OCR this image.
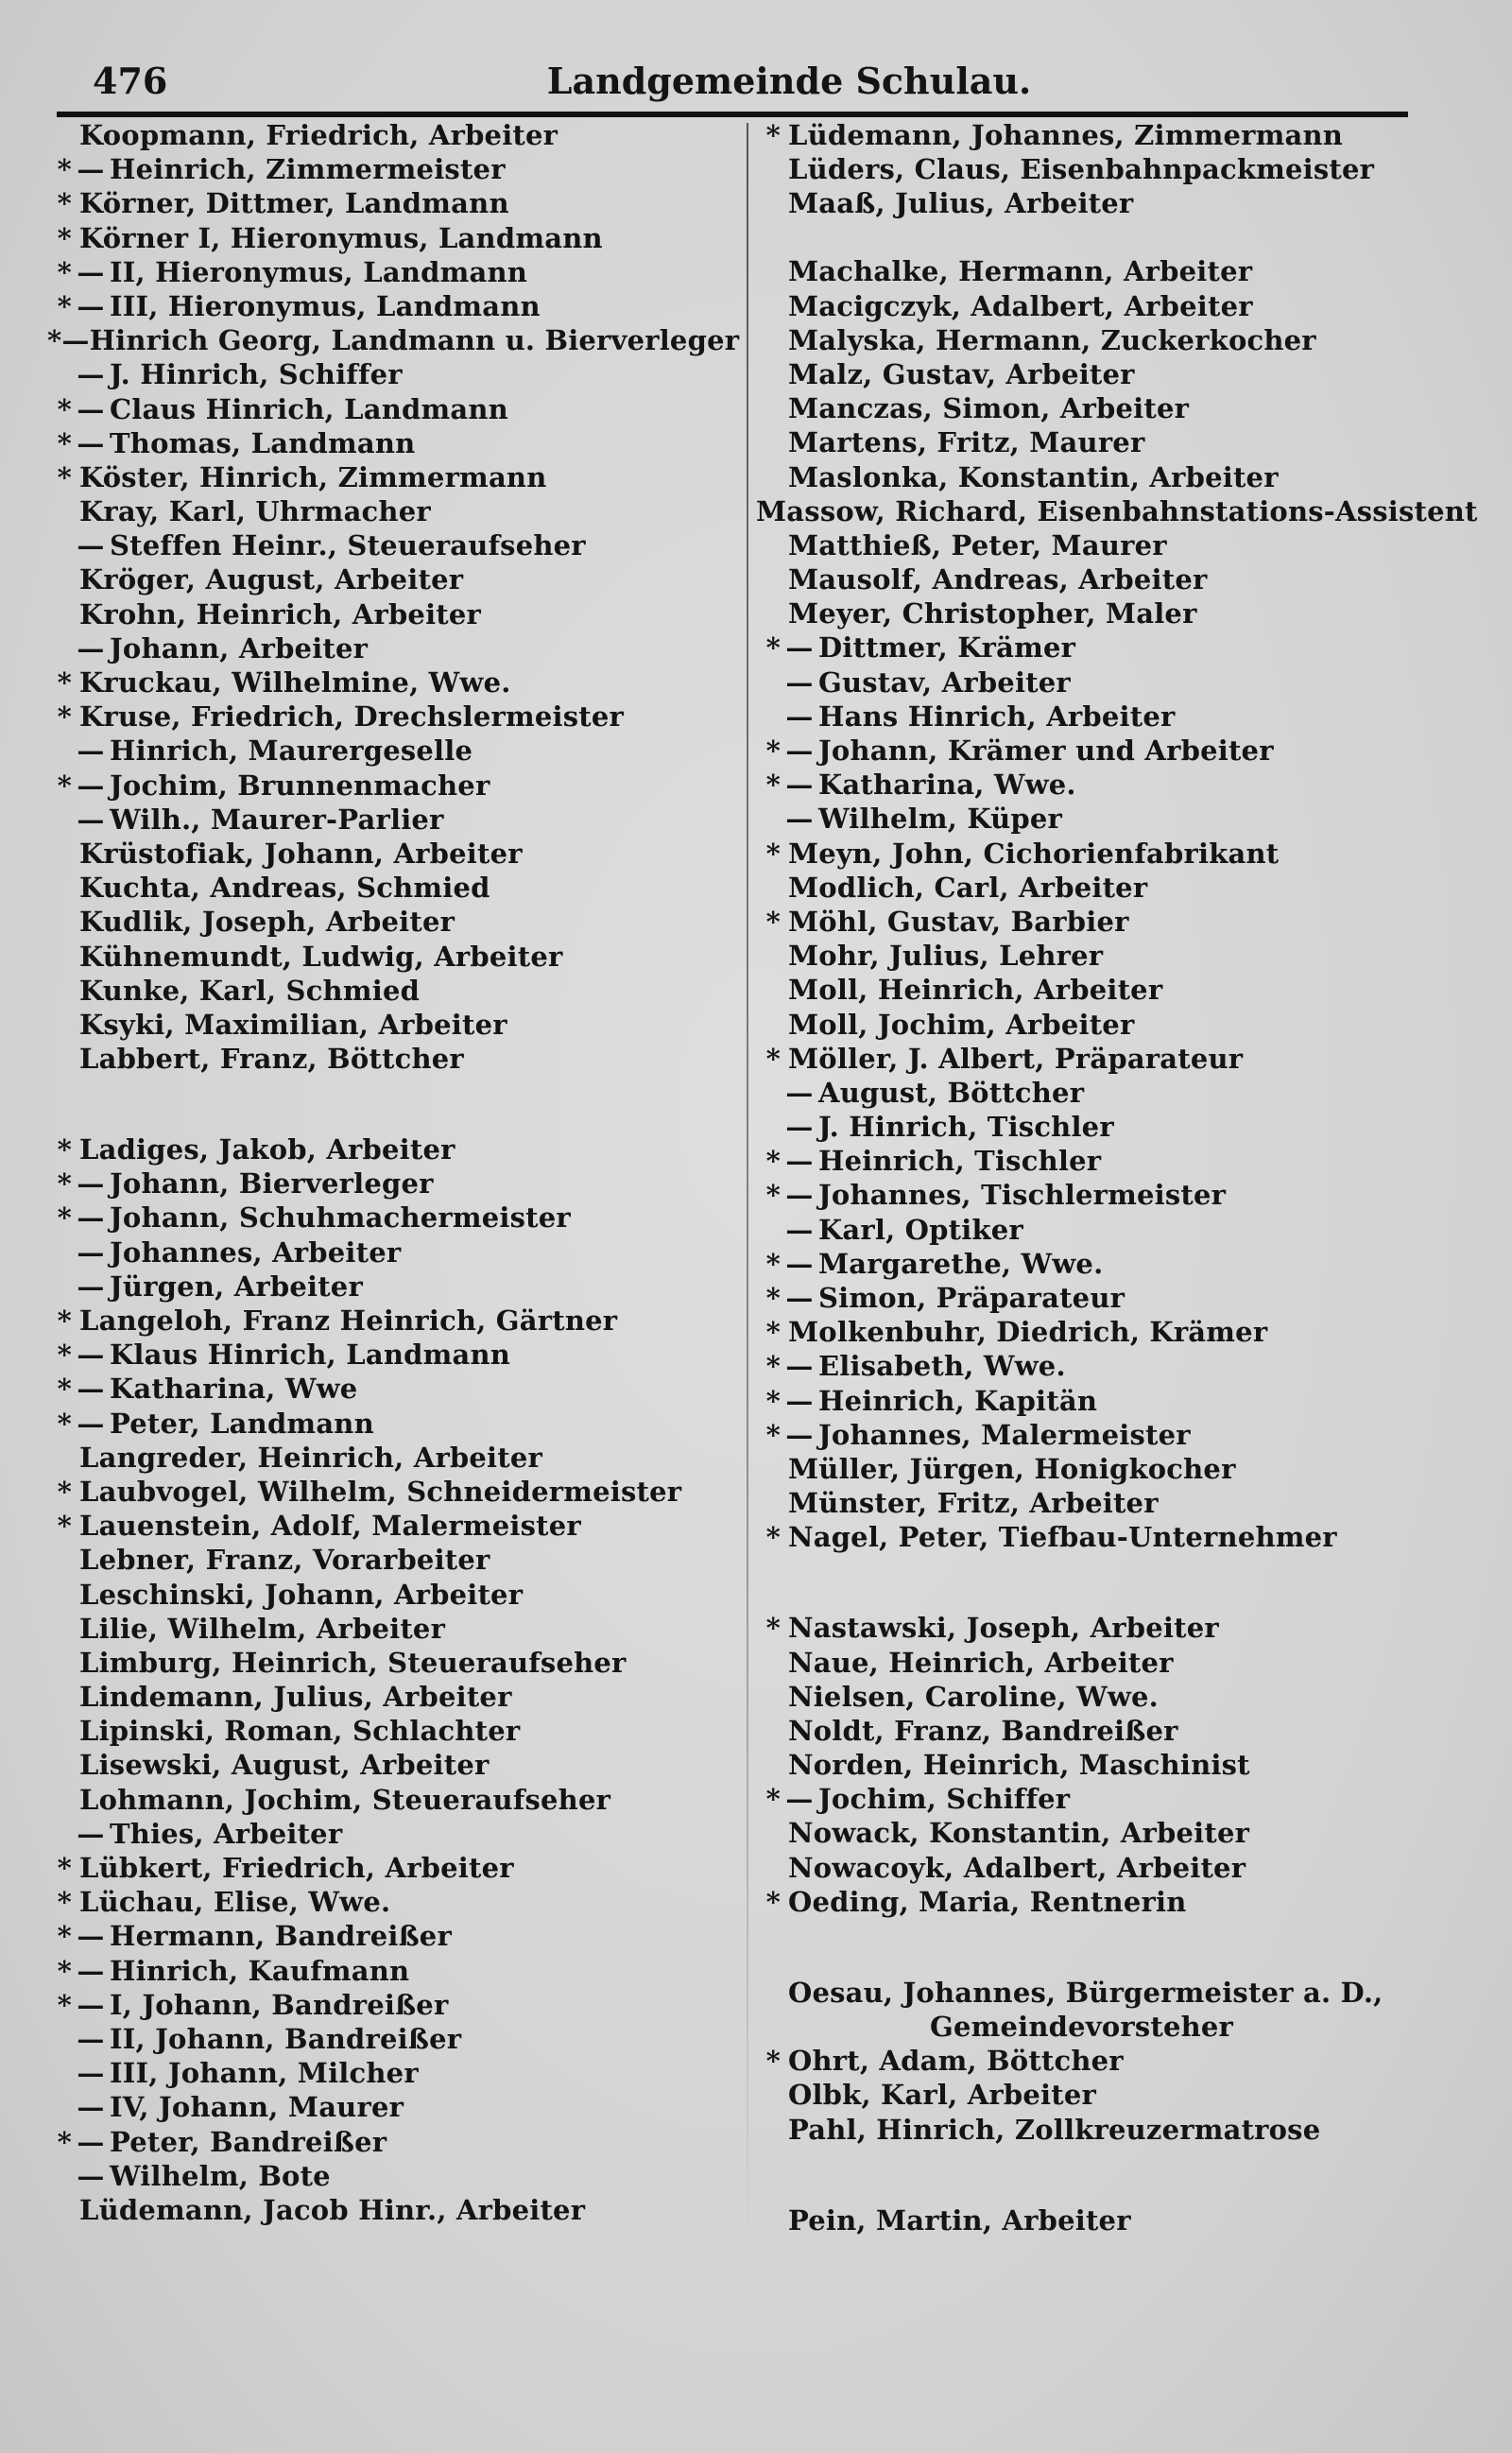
476	Landgemeinde Schulau.
Koopmann, Friedrich, Arbeiter
* — Heinrich, Zimmermeister
* Körner, Dittmer, Landmann
* Körner I, Hieronymus, Landmann
* — II, Hieronymus, Landmann
* — III, Hieronymus, Landmann
* — Hinrich Georg, Landmann u. Bierverleger
— J. Hinrich, Schiffer
* — Claus Hinrich, Landmann
* — Thomas, Landmann
* Köster, Hinrich, Zimmermann
Kray, Karl, Uhrmacher
— Steffen Heinr., Steueraufseher
Kröger, August, Arbeiter
Krohn, Heinrich, Arbeiter
— Johann, Arbeiter
* Kruckau, Wilhelmine, Wwe.
* Kruse, Friedrich, Drechslermeister
— Hinrich, Maurergeselle
* — Jochim, Brunnenmacher
— Wilh., Maurer-Parlier
Krüstofiak, Johann, Arbeiter
Kuchta, Andreas, Schmied
Kudlik, Joseph, Arbeiter
Kühnemundt, Ludwig, Arbeiter
Kunke, Karl, Schmied
Ksyki, Maximilian, Arbeiter
Labbert, Franz, Böttcher
* Ladiges, Jakob, Arbeiter
* — Johann, Bierverleger
* — Johann, Schuhmachermeister
— Johannes, Arbeiter
— Jürgen, Arbeiter
* Langeloh, Franz Heinrich, Gärtner
* — Klaus Hinrich, Landmann
* — Katharina, Wwe
* — Peter, Landmann
Langreder, Heinrich, Arbeiter
* Laubvogel, Wilhelm, Schneidermeister
* Lauenstein, Adolf, Malermeister
Lebner, Franz, Vorarbeiter
Leschinski, Johann, Arbeiter
Lilie, Wilhelm, Arbeiter
Limburg, Heinrich, Steueraufseher
Lindemann, Julius, Arbeiter
Lipinski, Roman, Schlachter
Lisewski, August, Arbeiter
Lohmann, Jochim, Steueraufseher
— Thies, Arbeiter
* Lübkert, Friedrich, Arbeiter
* Lüchau, Elise, Wwe.
* — Hermann, Bandreißer
* — Hinrich, Kaufmann
* — I, Johann, Bandreißer
— II, Johann, Bandreißer
— III, Johann, Milcher
— IV, Johann, Maurer
* — Peter, Bandreißer
— Wilhelm, Bote
Lüdemann, Jacob Hinr., Arbeiter
* Lüdemann, Johannes, Zimmermann
Lüders, Claus, Eisenbahnpackmeister
Maaß, Julius, Arbeiter
Machalke, Hermann, Arbeiter
Macigczyk, Adalbert, Arbeiter
Malyska, Hermann, Zuckerkocher
Malz, Gustav, Arbeiter
Manczas, Simon, Arbeiter
Martens, Fritz, Maurer
Maslonka, Konstantin, Arbeiter
Massow, Richard, Eisenbahnstations-Assistent
Matthieß, Peter, Maurer
Mausolf, Andreas, Arbeiter
Meyer, Christopher, Maler
* — Dittmer, Krämer
— Gustav, Arbeiter
— Hans Hinrich, Arbeiter
* — Johann, Krämer und Arbeiter
* — Katharina, Wwe.
— Wilhelm, Küper
* Meyn, John, Cichorienfabrikant
Modlich, Carl, Arbeiter
* Möhl, Gustav, Barbier
Mohr, Julius, Lehrer
Moll, Heinrich, Arbeiter
Moll, Jochim, Arbeiter
* Möller, J. Albert, Präparateur
— August, Böttcher
— J. Hinrich, Tischler
* — Heinrich, Tischler
* — Johannes, Tischlermeister
— Karl, Optiker
* — Margarethe, Wwe.
* — Simon, Präparateur
* Molkenbuhr, Diedrich, Krämer
* — Elisabeth, Wwe.
* — Heinrich, Kapitän
* — Johannes, Malermeister
Müller, Jürgen, Honigkocher
Münster, Fritz, Arbeiter
* Nagel, Peter, Tiefbau-Unternehmer
* Nastawski, Joseph, Arbeiter
Naue, Heinrich, Arbeiter
Nielsen, Caroline, Wwe.
Noldt, Franz, Bandreißer
Norden, Heinrich, Maschinist
* — Jochim, Schiffer
Nowack, Konstantin, Arbeiter
Nowacoyk, Adalbert, Arbeiter
* Oeding, Maria, Rentnerin
Oesau, Johannes, Bürgermeister a. D.,
Gemeindevorsteher
* Ohrt, Adam, Böttcher
Olbk, Karl, Arbeiter
Pahl, Hinrich, Zollkreuzermatrose
Pein, Martin, Arbeiter
